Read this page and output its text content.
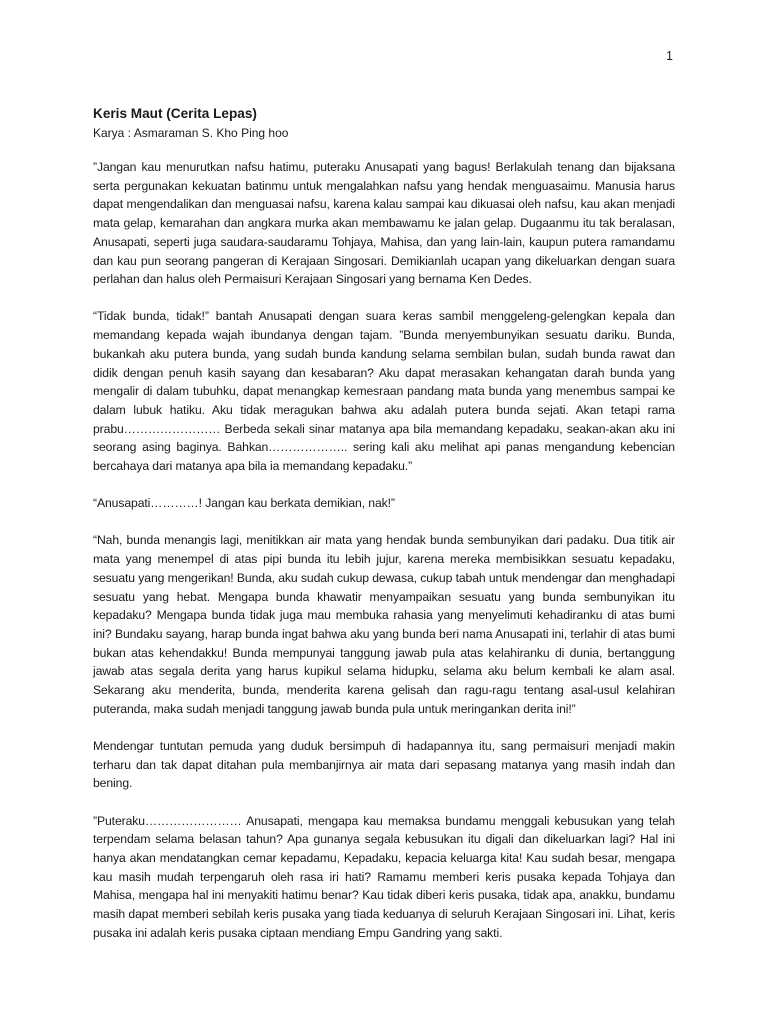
1
Keris Maut (Cerita Lepas)

Karya : Asmaraman S. Kho Ping hoo

”Jangan kau menurutkan nafsu hatimu, puteraku Anusapati yang bagus! Berlakulah tenang dan bijaksana serta pergunakan kekuatan batinmu untuk mengalahkan nafsu yang hendak menguasaimu. Manusia harus dapat mengendalikan dan menguasai nafsu, karena kalau sampai kau dikuasai oleh nafsu, kau akan menjadi mata gelap, kemarahan dan angkara murka akan membawamu ke jalan gelap. Dugaanmu itu tak beralasan, Anusapati, seperti juga saudara-saudaramu Tohjaya, Mahisa, dan yang lain-lain, kaupun putera ramandamu dan kau pun seorang pangeran di Kerajaan Singosari. Demikianlah ucapan yang dikeluarkan dengan suara perlahan dan halus oleh Permaisuri Kerajaan Singosari yang bernama Ken Dedes.

“Tidak bunda, tidak!” bantah Anusapati dengan suara keras sambil menggeleng-gelengkan kepala dan memandang kepada wajah ibundanya dengan tajam. ”Bunda menyembunyikan sesuatu dariku. Bunda, bukankah aku putera bunda, yang sudah bunda kandung selama sembilan bulan, sudah bunda rawat dan didik dengan penuh kasih sayang dan kesabaran? Aku dapat merasakan kehangatan darah bunda yang mengalir di dalam tubuhku, dapat menangkap kemesraan pandang mata bunda yang menembus sampai ke dalam lubuk hatiku. Aku tidak meragukan bahwa aku adalah putera bunda sejati. Akan tetapi rama prabu…………………… Berbeda sekali sinar matanya apa bila memandang kepadaku, seakan-akan aku ini seorang asing baginya. Bahkan……………….. sering kali aku melihat api panas mengandung kebencian bercahaya dari matanya apa bila ia memandang kepadaku.”

“Anusapati…………! Jangan kau berkata demikian, nak!”

“Nah, bunda menangis lagi, menitikkan air mata yang hendak bunda sembunyikan dari padaku. Dua titik air mata yang menempel di atas pipi bunda itu lebih jujur, karena mereka membisikkan sesuatu kepadaku, sesuatu yang mengerikan! Bunda, aku sudah cukup dewasa, cukup tabah untuk mendengar dan menghadapi sesuatu yang hebat. Mengapa bunda khawatir menyampaikan sesuatu yang bunda sembunyikan itu kepadaku? Mengapa bunda tidak juga mau membuka rahasia yang menyelimuti kehadiranku di atas bumi ini? Bundaku sayang, harap bunda ingat bahwa aku yang bunda beri nama Anusapati ini, terlahir di atas bumi bukan atas kehendakku! Bunda mempunyai tanggung jawab pula atas kelahiranku di dunia, bertanggung jawab atas segala derita yang harus kupikul selama hidupku, selama aku belum kembali ke alam asal. Sekarang aku menderita, bunda, menderita karena gelisah dan ragu-ragu tentang asal-usul kelahiran puteranda, maka sudah menjadi tanggung jawab bunda pula untuk meringankan derita ini!”

Mendengar tuntutan pemuda yang duduk bersimpuh di hadapannya itu, sang permaisuri menjadi makin terharu dan tak dapat ditahan pula membanjirnya air mata dari sepasang matanya yang masih indah dan bening.

”Puteraku…………………… Anusapati, mengapa kau memaksa bundamu menggali kebusukan yang telah terpendam selama belasan tahun? Apa gunanya segala kebusukan itu digali dan dikeluarkan lagi? Hal ini hanya akan mendatangkan cemar kepadamu, Kepadaku, kepacia keluarga kita! Kau sudah besar, mengapa kau masih mudah terpengaruh oleh rasa iri hati? Ramamu memberi keris pusaka kepada Tohjaya dan Mahisa, mengapa hal ini menyakiti hatimu benar? Kau tidak diberi keris pusaka, tidak apa, anakku, bundamu masih dapat memberi sebilah keris pusaka yang tiada keduanya di seluruh Kerajaan Singosari ini. Lihat, keris pusaka ini adalah keris pusaka ciptaan mendiang Empu Gandring yang sakti.
